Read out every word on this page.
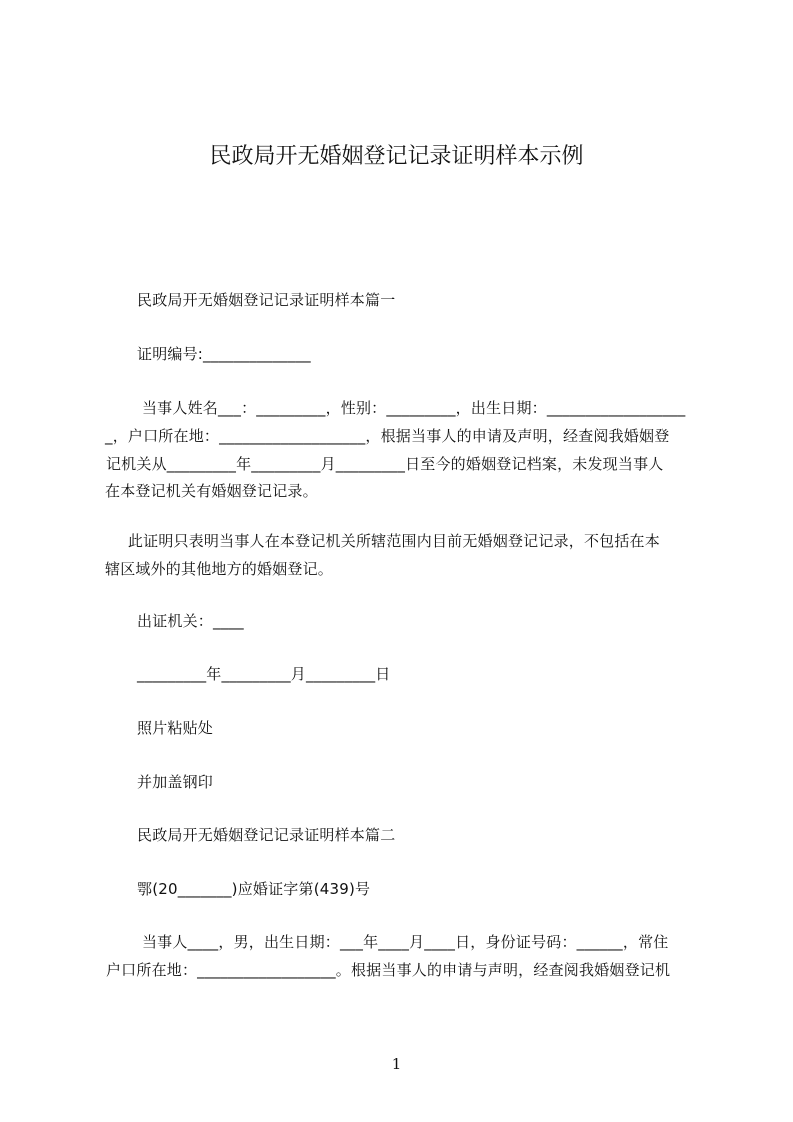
民政局开无婚姻登记记录证明样本示例
民政局开无婚姻登记记录证明样本篇一
证明编号:______________
当事人姓名___：_________，性别：_________，出生日期：__________________
_，户口所在地：___________________，根据当事人的申请及声明，经查阅我婚姻登
记机关从_________年_________月_________日至今的婚姻登记档案，未发现当事人
在本登记机关有婚姻登记记录。
此证明只表明当事人在本登记机关所辖范围内目前无婚姻登记记录，不包括在本
辖区域外的其他地方的婚姻登记。
出证机关：____
_________年_________月_________日
照片粘贴处
并加盖钢印
民政局开无婚姻登记记录证明样本篇二
鄂(20_______)应婚证字第(439)号
当事人____，男，出生日期：___年____月____日，身份证号码：______，常住
户口所在地：__________________。根据当事人的申请与声明，经查阅我婚姻登记机
1
